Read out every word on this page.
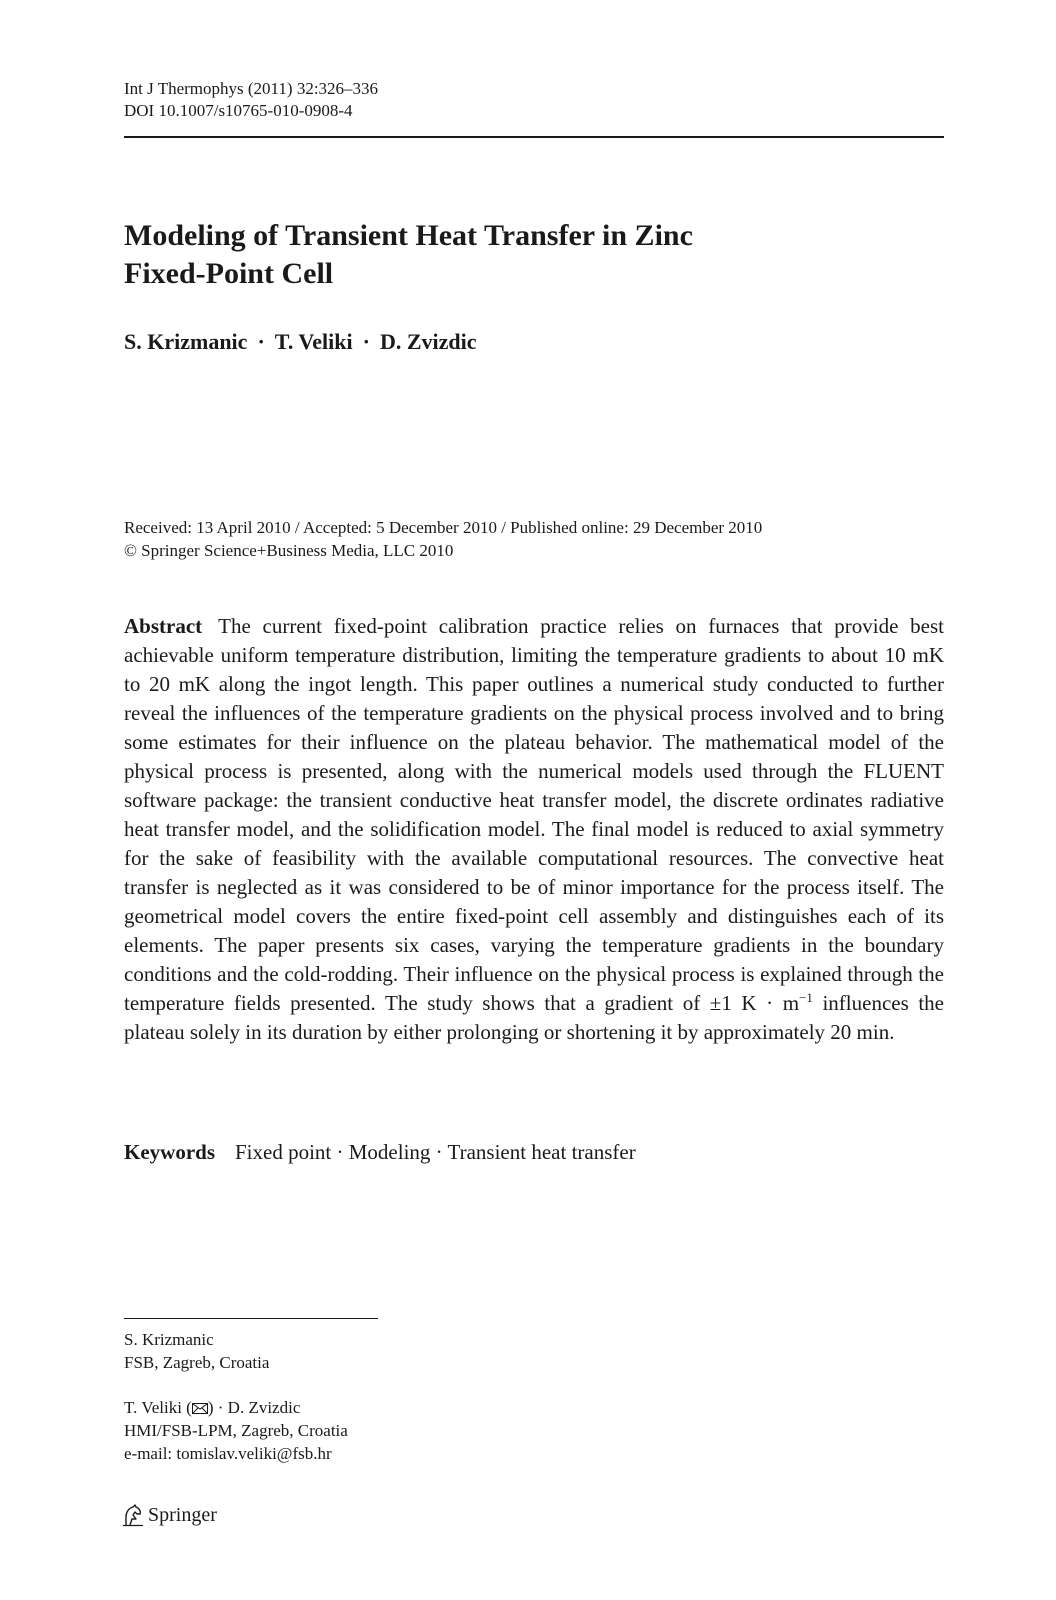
Int J Thermophys (2011) 32:326–336
DOI 10.1007/s10765-010-0908-4
Modeling of Transient Heat Transfer in Zinc
Fixed-Point Cell
S. Krizmanic · T. Veliki · D. Zvizdic
Received: 13 April 2010 / Accepted: 5 December 2010 / Published online: 29 December 2010
© Springer Science+Business Media, LLC 2010

Abstract The current fixed-point calibration practice relies on furnaces that provide best achievable uniform temperature distribution, limiting the temperature gradients to about 10 mK to 20 mK along the ingot length. This paper outlines a numerical study conducted to further reveal the influences of the temperature gradients on the physical process involved and to bring some estimates for their influence on the plateau behavior. The mathematical model of the physical process is presented, along with the numerical models used through the FLUENT software package: the transient conductive heat transfer model, the discrete ordinates radiative heat transfer model, and the solidification model. The final model is reduced to axial symmetry for the sake of feasibility with the available computational resources. The convective heat transfer is neglected as it was considered to be of minor importance for the process itself. The geometrical model covers the entire fixed-point cell assembly and distinguishes each of its elements. The paper presents six cases, varying the temperature gradients in the boundary conditions and the cold-rodding. Their influence on the physical process is explained through the temperature fields presented. The study shows that a gradient of ±1 $K \cdot m^{-1}$ influences the plateau solely in its duration by either prolonging or shortening it by approximately 20 min.

Keywords Fixed point · Modeling · Transient heat transfer
S. Krizmanic
FSB, Zagreb, Croatia
T. Veliki ( ) · D. Zvizdic
HMI/FSB-LPM, Zagreb, Croatia
e-mail: tomislav.veliki@fsb.hr
Springer
